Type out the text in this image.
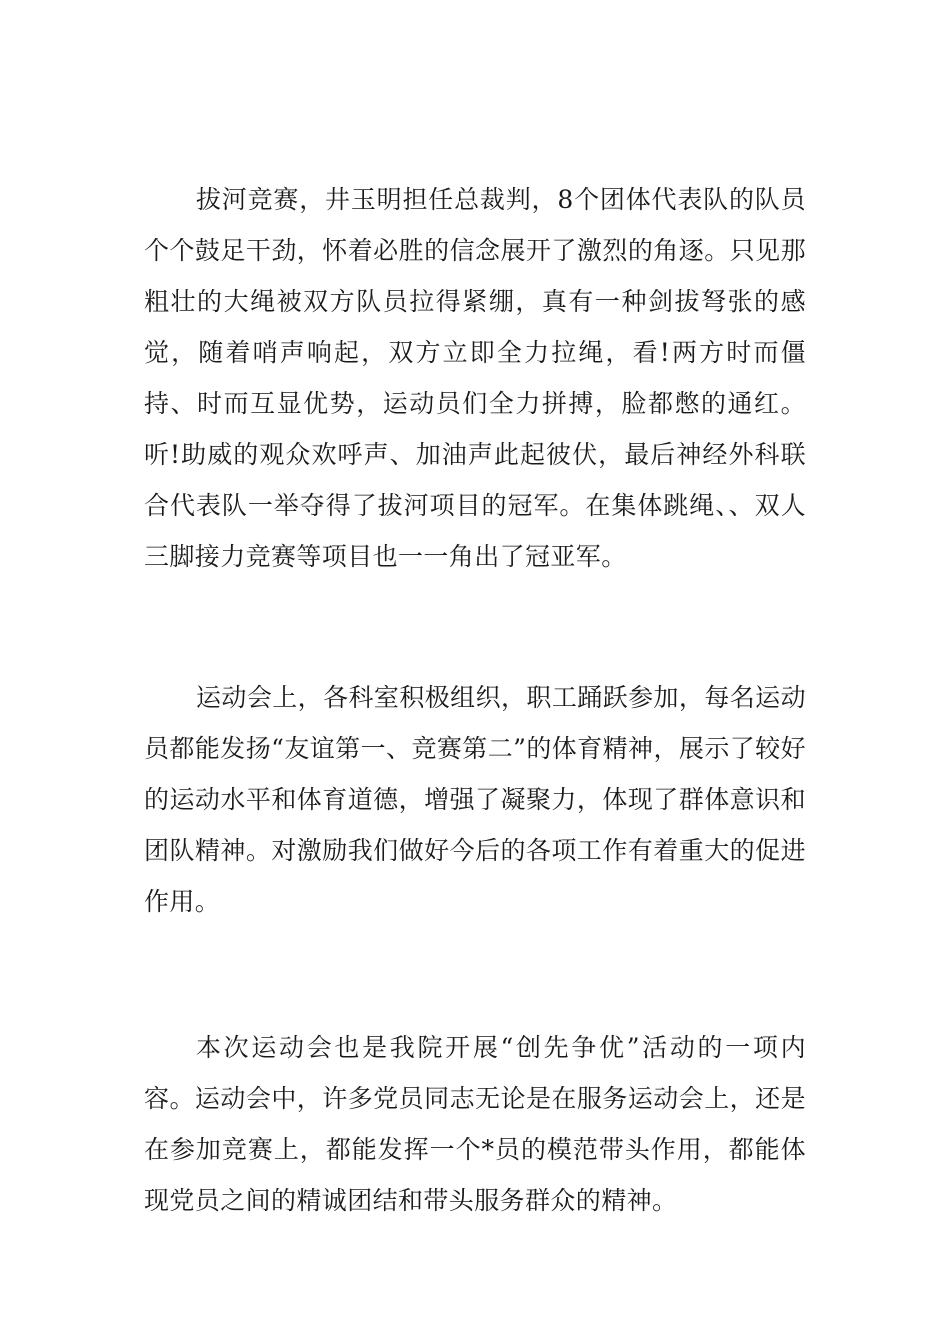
拔河竞赛，井玉明担任总裁判，8个团体代表队的队员个个鼓足干劲，怀着必胜的信念展开了激烈的角逐。只见那粗壮的大绳被双方队员拉得紧绷，真有一种剑拔弩张的感觉，随着哨声响起，双方立即全力拉绳，看!两方时而僵持、时而互显优势，运动员们全力拼搏，脸都憋的通红。听!助威的观众欢呼声、加油声此起彼伏，最后神经外科联合代表队一举夺得了拔河项目的冠军。在集体跳绳、、双人三脚接力竞赛等项目也一一角出了冠亚军。

运动会上，各科室积极组织，职工踊跃参加，每名运动员都能发扬“友谊第一、竞赛第二”的体育精神，展示了较好的运动水平和体育道德，增强了凝聚力，体现了群体意识和团队精神。对激励我们做好今后的各项工作有着重大的促进作用。

本次运动会也是我院开展“创先争优”活动的一项内容。运动会中，许多党员同志无论是在服务运动会上，还是在参加竞赛上，都能发挥一个*员的模范带头作用，都能体现党员之间的精诚团结和带头服务群众的精神。
